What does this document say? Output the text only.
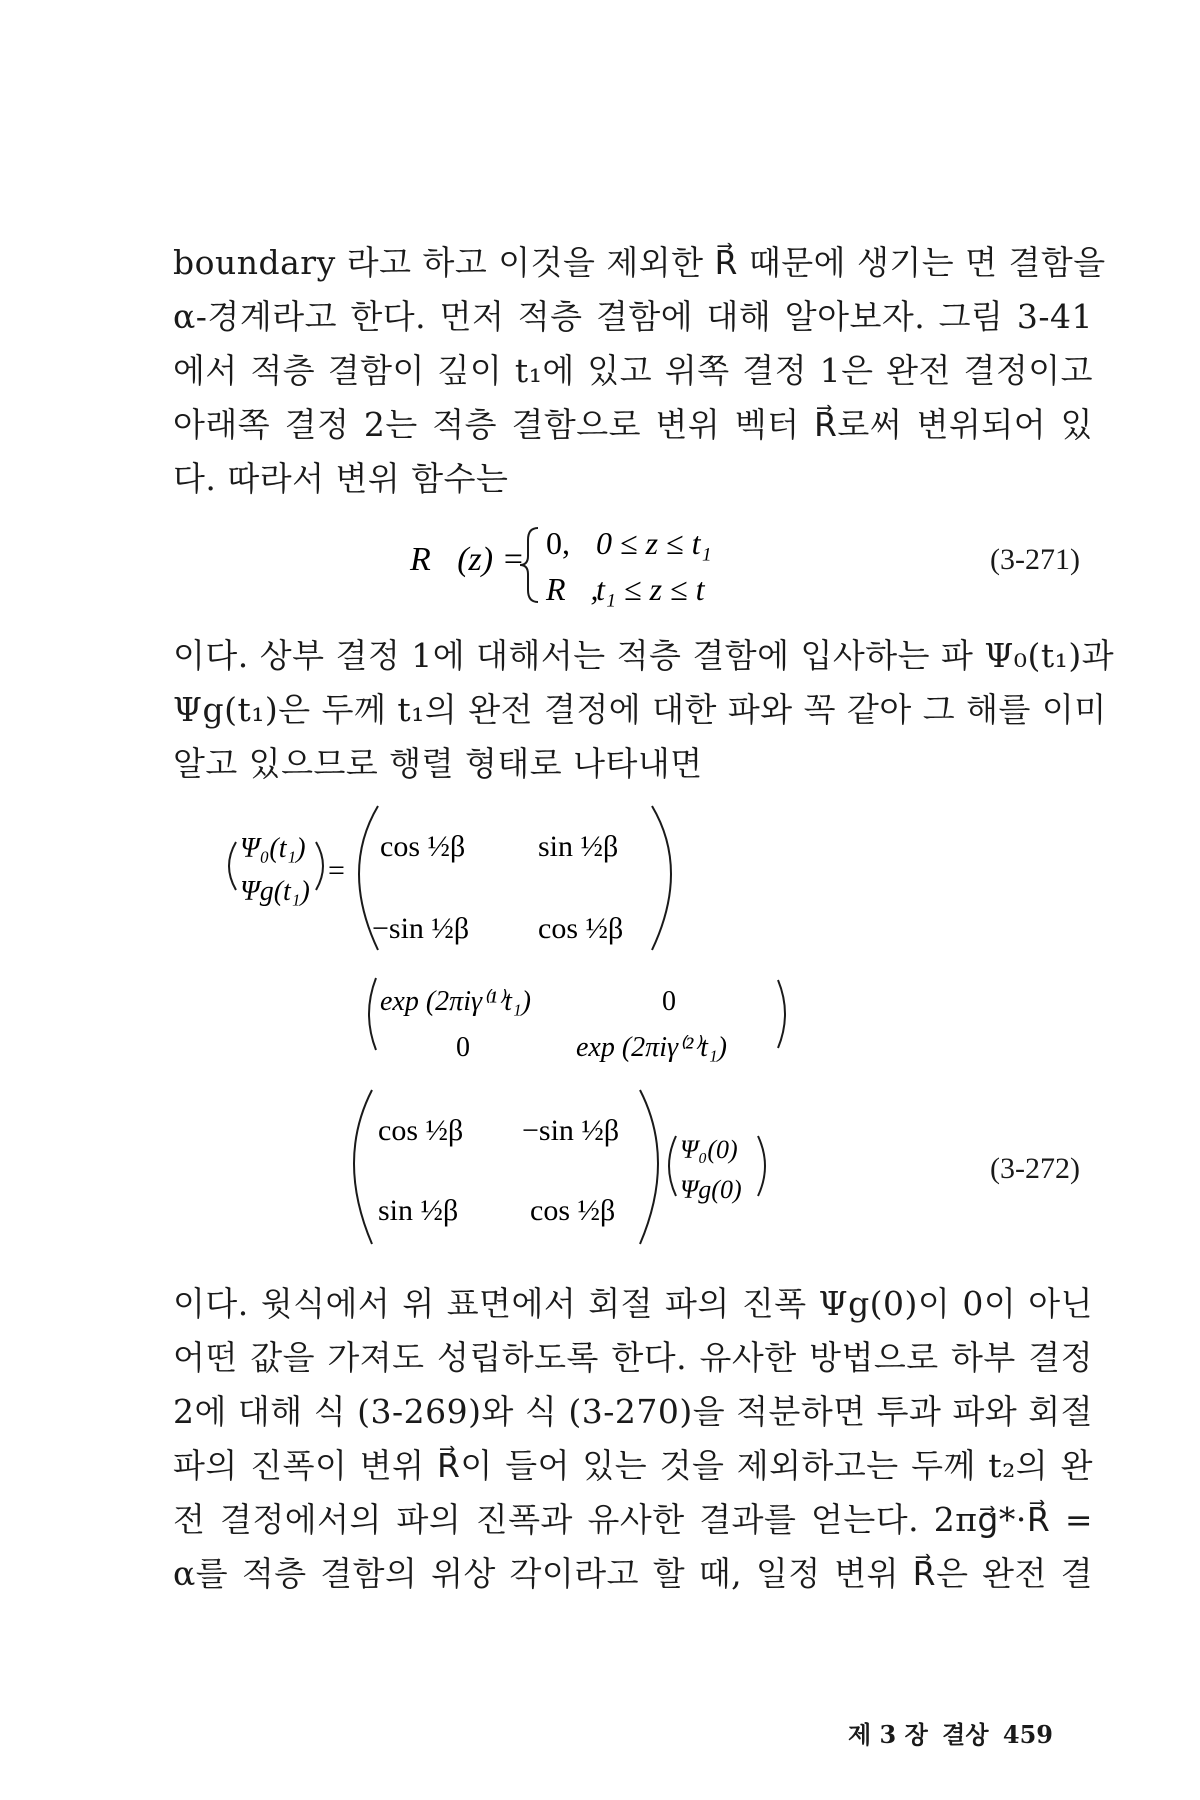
boundary 라고 하고 이것을 제외한 R⃗ 때문에 생기는 면 결함을
α-경계라고 한다. 먼저 적층 결함에 대해 알아보자. 그림 3-41
에서 적층 결함이 깊이 t₁에 있고 위쪽 결정 1은 완전 결정이고
아래쪽 결정 2는 적층 결함으로 변위 벡터 R⃗로써 변위되어 있
다. 따라서 변위 함수는
R⃗(z) = 0, 0 ≤ z ≤ t₁
R⃗,
t₁ ≤ z ≤ t
(3-271)
이다. 상부 결정 1에 대해서는 적층 결함에 입사하는 파 Ψ₀(t₁)과
Ψg(t₁)은 두께 t₁의 완전 결정에 대한 파와 꼭 같아 그 해를 이미
알고 있으므로 행렬 형태로 나타내면
Ψ₀(t₁)
Ψg(t₁)
=
cos ½β sin ½β
−sin ½β cos ½β
exp (2πiγ⁽¹⁾t₁)	0
0	exp (2πiγ⁽²⁾t₁)
cos ½β −sin ½β
sin ½β cos ½β
Ψ₀(0)
Ψg(0)
(3-272)
이다. 윗식에서 위 표면에서 회절 파의 진폭 Ψg(0)이 0이 아닌
어떤 값을 가져도 성립하도록 한다. 유사한 방법으로 하부 결정
2에 대해 식 (3-269)와 식 (3-270)을 적분하면 투과 파와 회절
파의 진폭이 변위 R⃗이 들어 있는 것을 제외하고는 두께 t₂의 완
전 결정에서의 파의 진폭과 유사한 결과를 얻는다. 2πg⃗*·R⃗ =
α를 적층 결함의 위상 각이라고 할 때, 일정 변위 R⃗은 완전 결
제 3 장 결상 459
